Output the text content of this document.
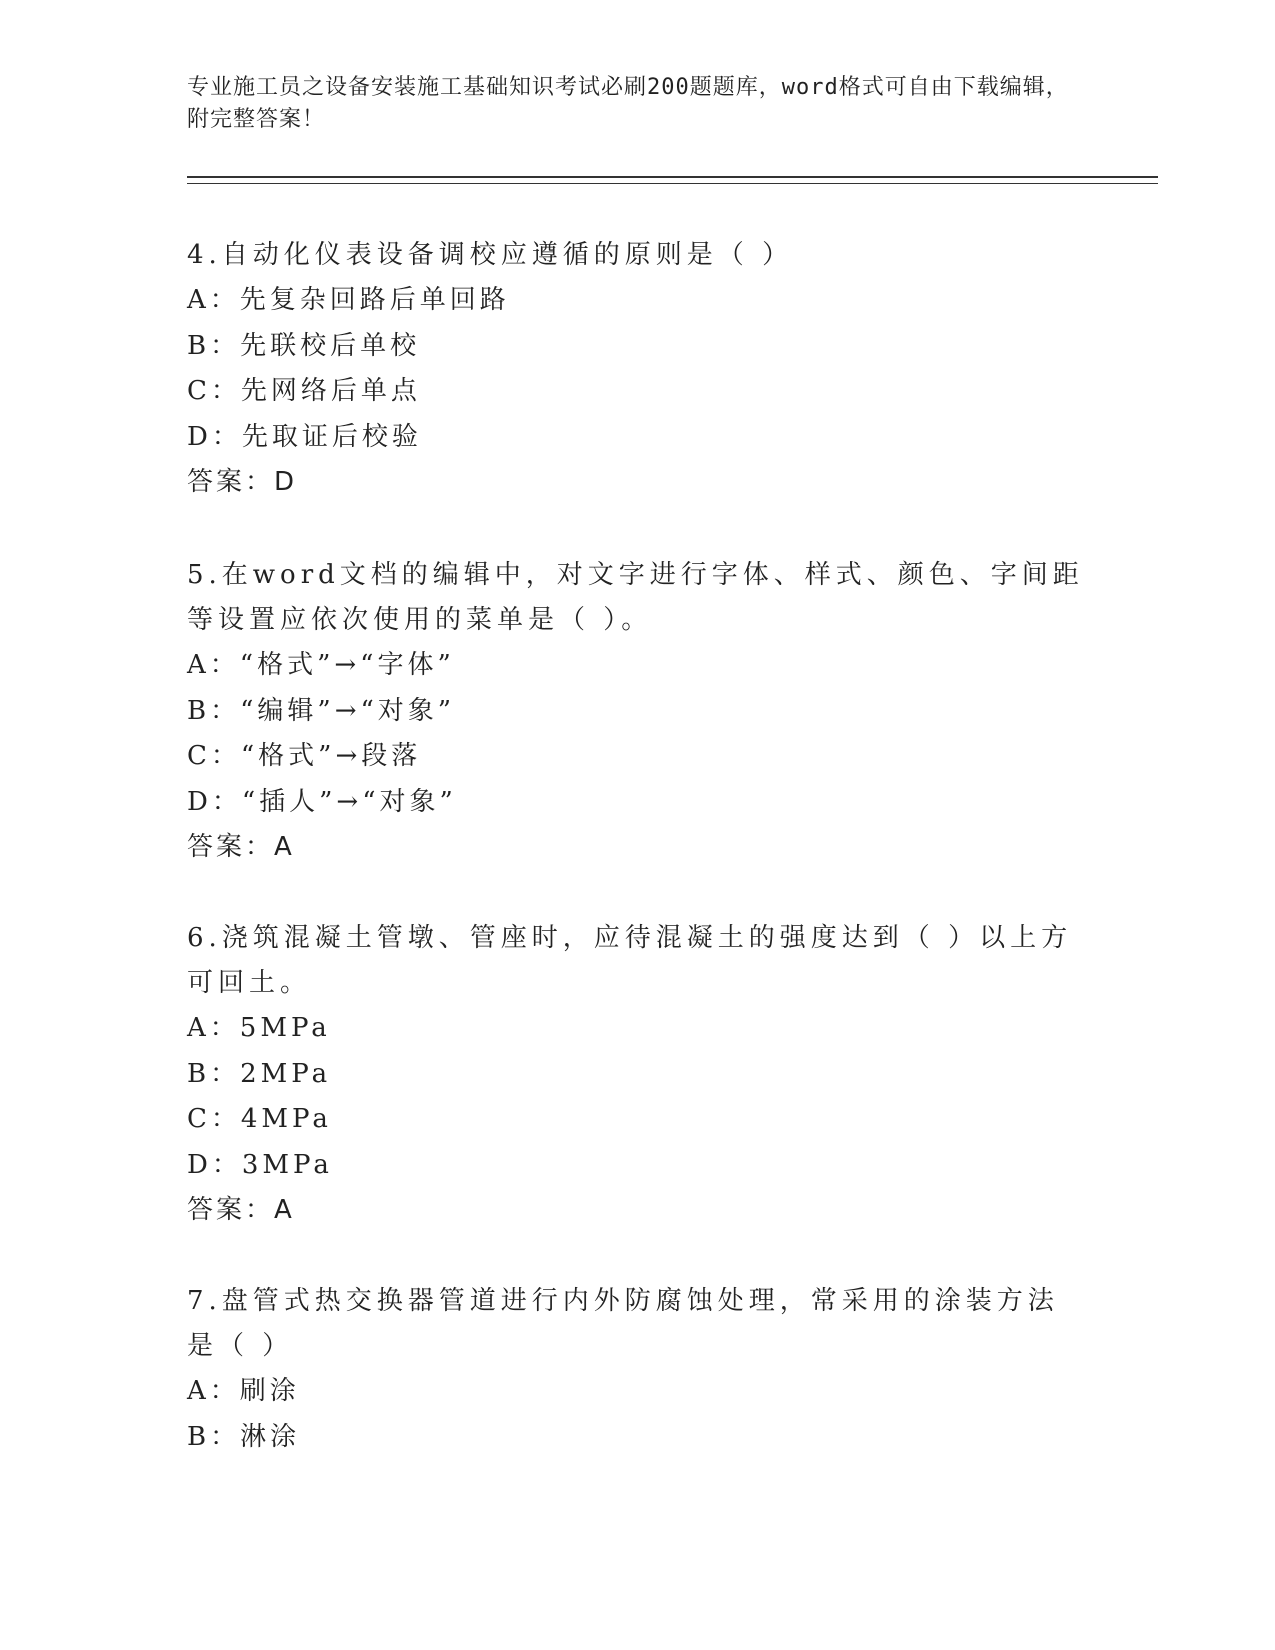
专业施工员之设备安装施工基础知识考试必刷200题题库，word格式可自由下载编辑，附完整答案！

4.自动化仪表设备调校应遵循的原则是（ ）

A：先复杂回路后单回路

B：先联校后单校

C：先网络后单点

D：先取证后校验

答案：D

5.在word文档的编辑中，对文字进行字体、样式、颜色、字间距等设置应依次使用的菜单是（ ）。

A：“格式”→“字体”

B：“编辑”→“对象”

C：“格式”→段落

D：“插人”→“对象”

答案：A

6.浇筑混凝土管墩、管座时，应待混凝土的强度达到（ ）以上方可回土。

A：5MPa

B：2MPa

C：4MPa

D：3MPa

答案：A

7.盘管式热交换器管道进行内外防腐蚀处理，常采用的涂装方法是（ ）

A：刷涂

B：淋涂
